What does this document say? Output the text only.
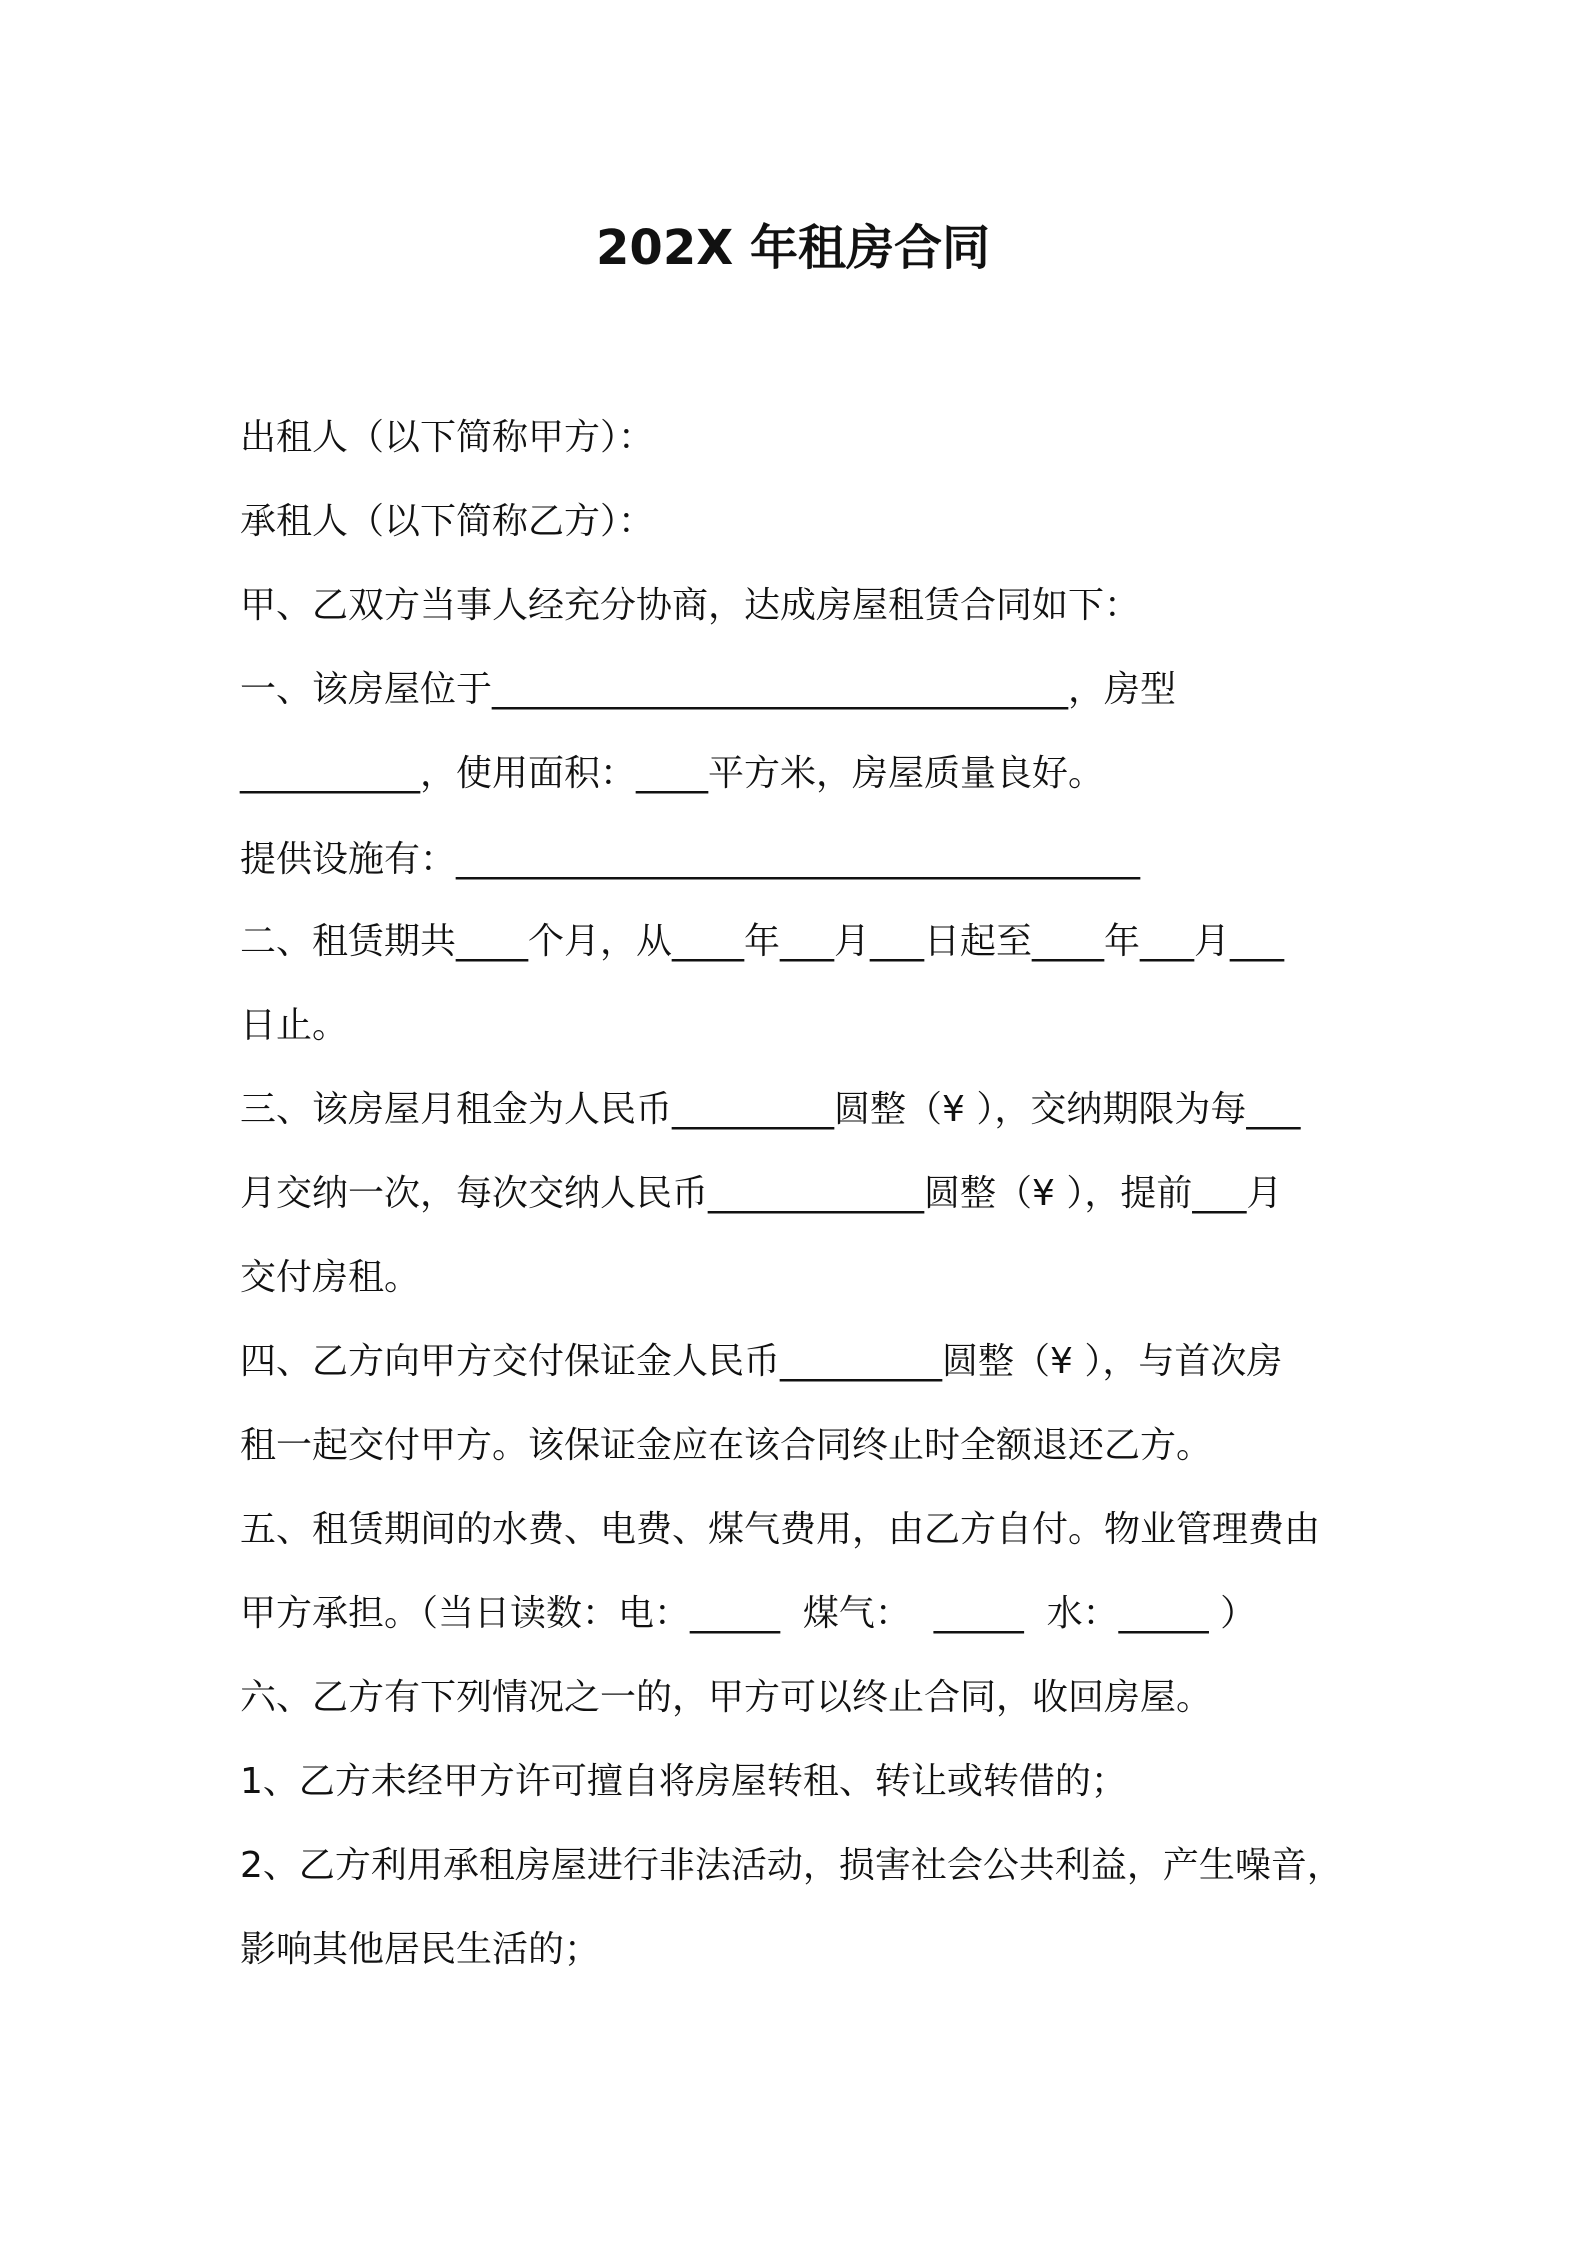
202X 年租房合同
出租人（以下简称甲方）：
承租人（以下简称乙方）：
甲、乙双方当事人经充分协商，达成房屋租赁合同如下：
一、该房屋位于________________________________，房型
__________，使用面积：____平方米，房屋质量良好。
提供设施有：______________________________________
二、租赁期共____个月，从____年___月___日起至____年___月___
日止。
三、该房屋月租金为人民币_________圆整（¥ ），交纳期限为每___
月交纳一次，每次交纳人民币____________圆整（¥ ），提前___月
交付房租。
四、乙方向甲方交付保证金人民币_________圆整（¥ ），与首次房
租一起交付甲方。该保证金应在该合同终止时全额退还乙方。
五、租赁期间的水费、电费、煤气费用，由乙方自付。物业管理费由
甲方承担。（当日读数：电：_____  煤气：  _____  水：_____ ）
六、乙方有下列情况之一的，甲方可以终止合同，收回房屋。
1、乙方未经甲方许可擅自将房屋转租、转让或转借的；
2、乙方利用承租房屋进行非法活动，损害社会公共利益，产生噪音，
影响其他居民生活的；
